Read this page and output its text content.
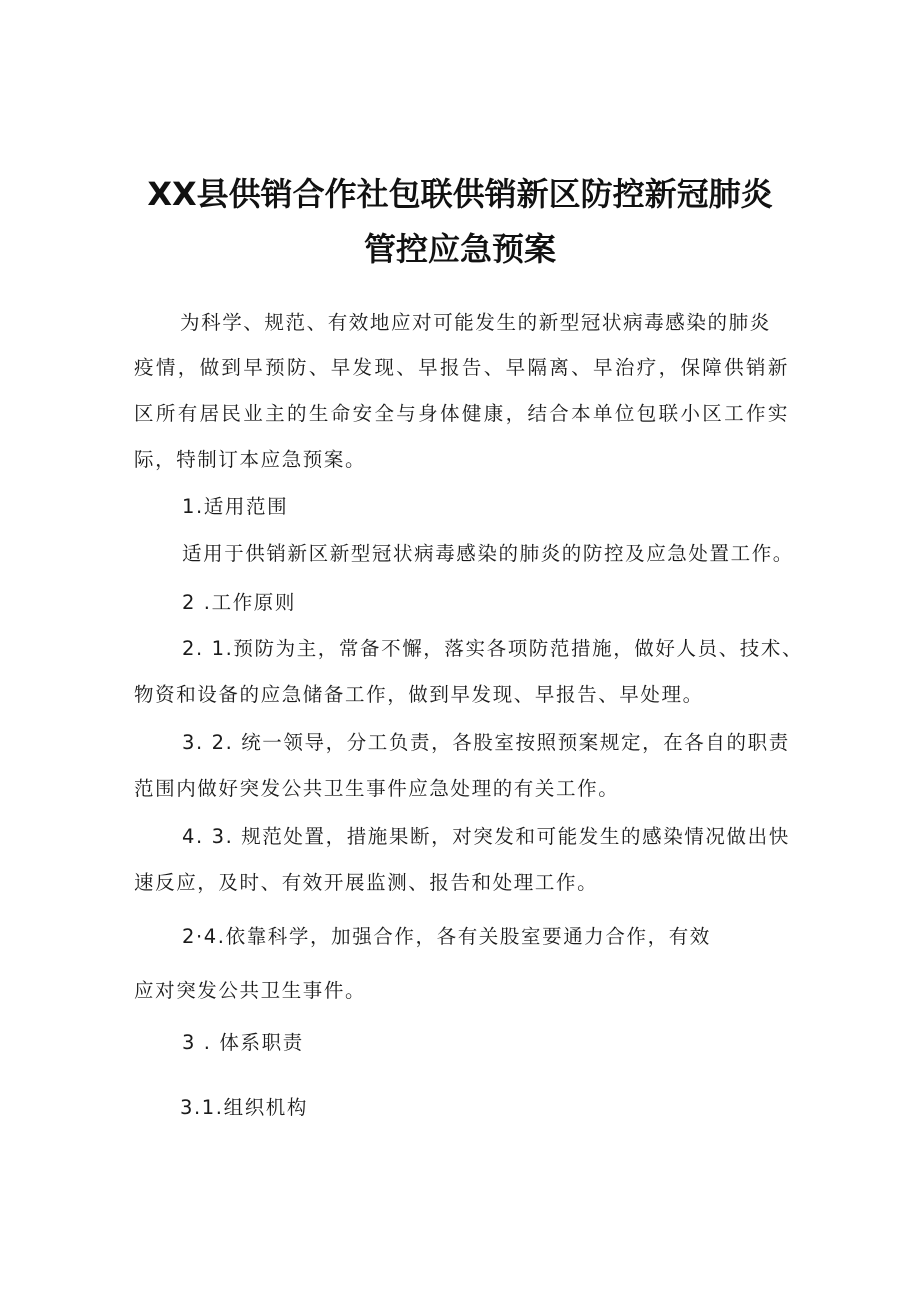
XX县供销合作社包联供销新区防控新冠肺炎
管控应急预案
为科学、规范、有效地应对可能发生的新型冠状病毒感染的肺炎
疫情，做到早预防、早发现、早报告、早隔离、早治疗，保障供销新
区所有居民业主的生命安全与身体健康，结合本单位包联小区工作实
际，特制订本应急预案。
1.适用范围
适用于供销新区新型冠状病毒感染的肺炎的防控及应急处置工作。
2 .工作原则
2. 1.预防为主，常备不懈，落实各项防范措施，做好人员、技术、
物资和设备的应急储备工作，做到早发现、早报告、早处理。
3. 2. 统一领导，分工负责，各股室按照预案规定，在各自的职责
范围内做好突发公共卫生事件应急处理的有关工作。
4. 3. 规范处置，措施果断，对突发和可能发生的感染情况做出快
速反应，及时、有效开展监测、报告和处理工作。
2·4.依靠科学，加强合作，各有关股室要通力合作，有效
应对突发公共卫生事件。
3 . 体系职责
3.1.组织机构
